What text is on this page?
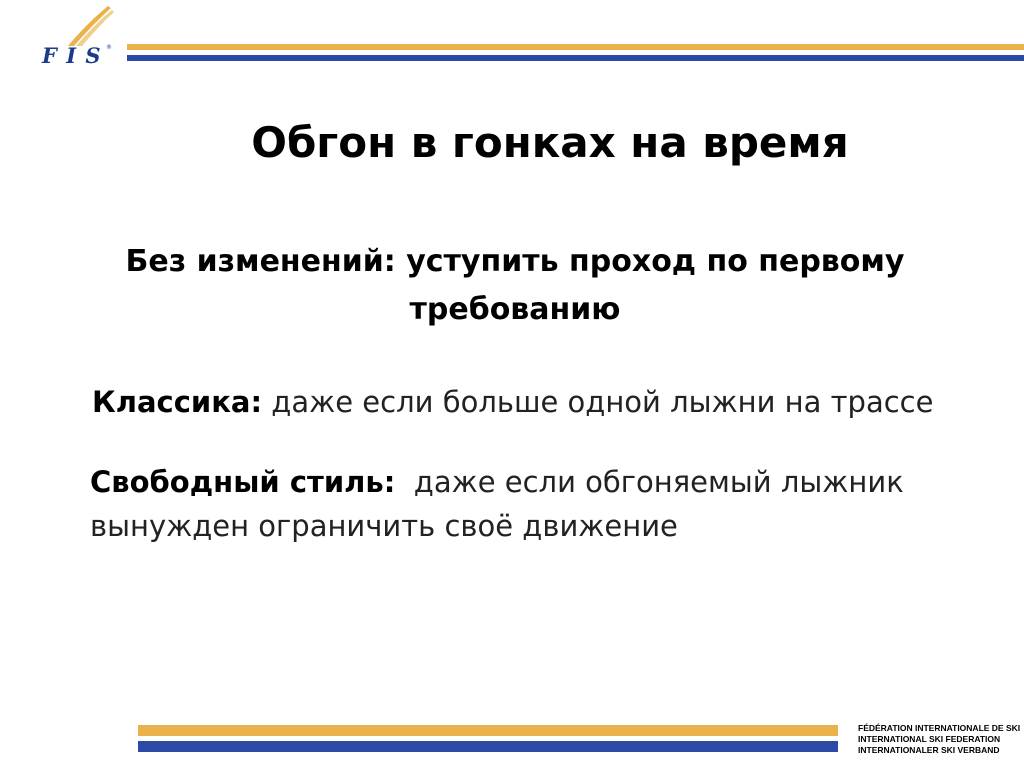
F I S ®
Обгон в гонках на время
Без изменений: уступить проход по первому требованию
Классика: даже если больше одной лыжни на трассе
Свободный стиль:  даже если обгоняемый лыжник вынужден ограничить своё движение
FÉDÉRATION INTERNATIONALE DE SKI
INTERNATIONAL SKI FEDERATION
INTERNATIONALER SKI VERBAND
